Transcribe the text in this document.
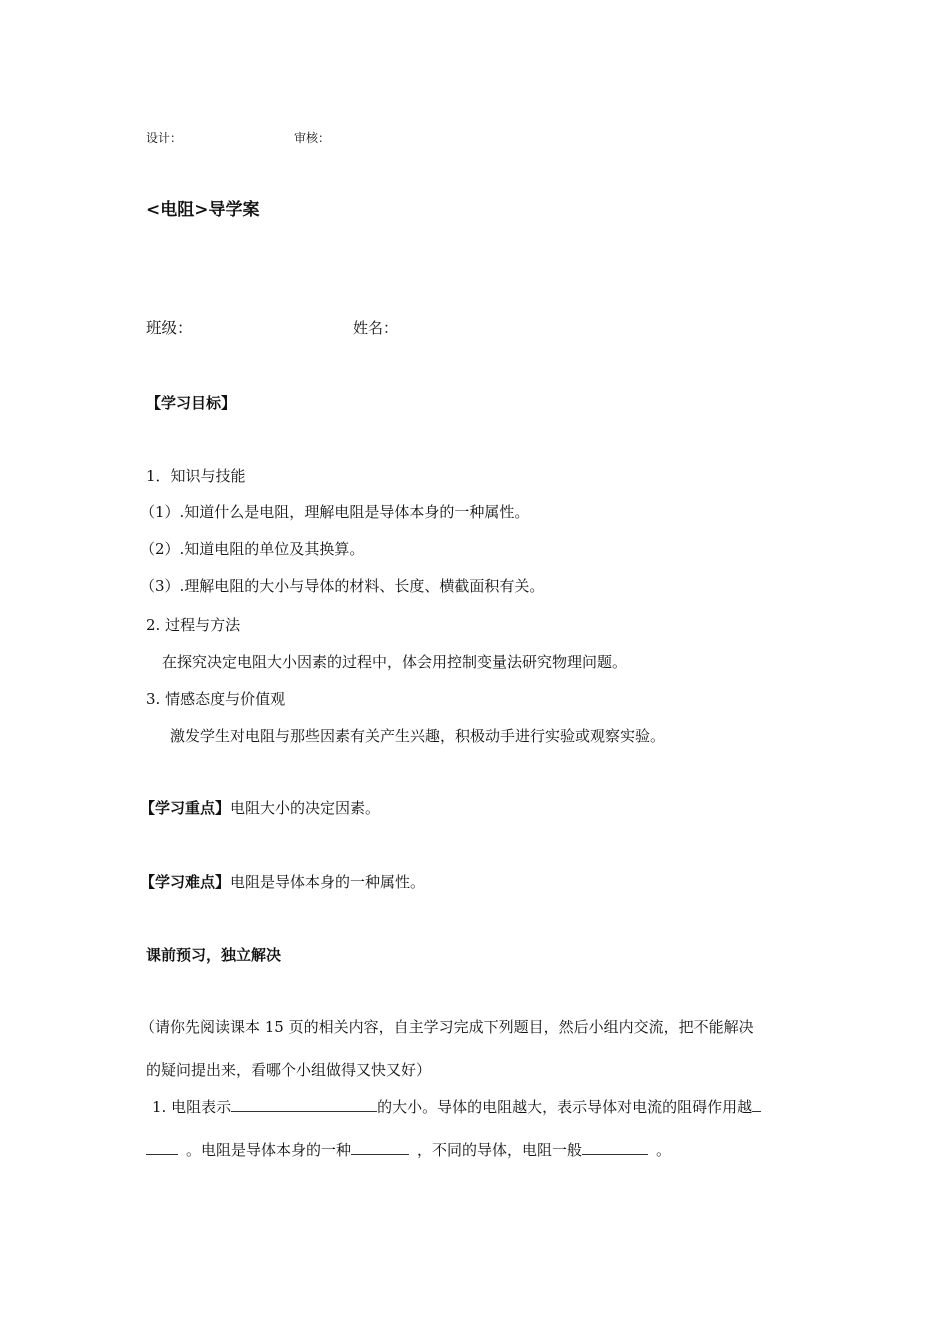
设计：	审核：
<电阻>导学案
班级：	姓名：
【学习目标】
1．知识与技能
（1）.知道什么是电阻，理解电阻是导体本身的一种属性。
（2）.知道电阻的单位及其换算。
（3）.理解电阻的大小与导体的材料、长度、横截面积有关。
2. 过程与方法
在探究决定电阻大小因素的过程中，体会用控制变量法研究物理问题。
3. 情感态度与价值观
激发学生对电阻与那些因素有关产生兴趣，积极动手进行实验或观察实验。
【学习重点】电阻大小的决定因素。
【学习难点】电阻是导体本身的一种属性。
课前预习，独立解决
（请你先阅读课本 15 页的相关内容，自主学习完成下列题目，然后小组内交流，把不能解决
的疑问提出来，看哪个小组做得又快又好）
1. 电阻表示	的大小。导体的电阻越大，表示导体对电流的阻碍作用越
。电阻是导体本身的一种	，不同的导体，电阻一般	。
